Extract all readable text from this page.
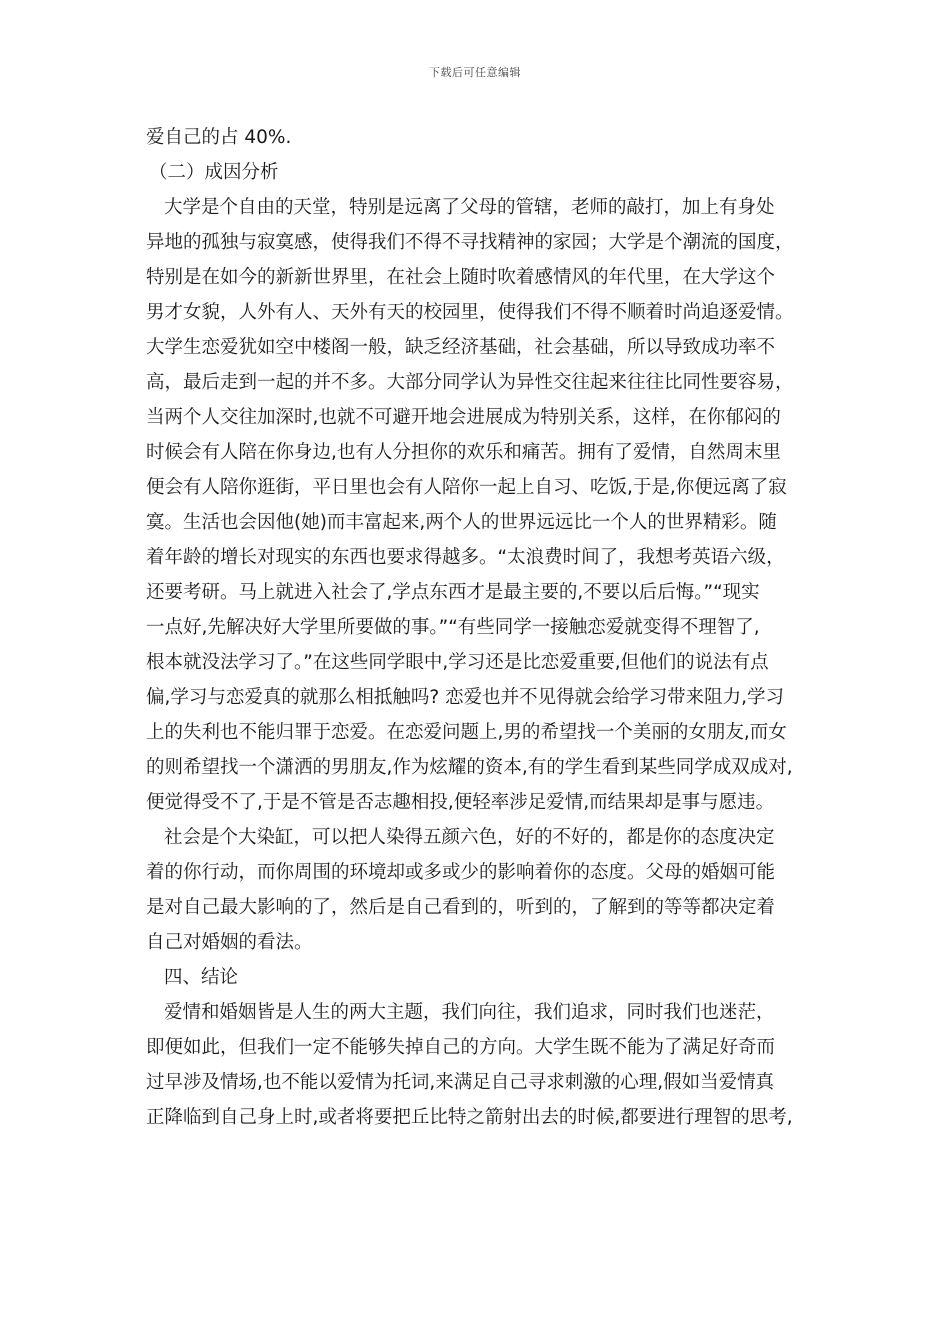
下载后可任意编辑

爱自己的占 40%.

（二）成因分析

大学是个自由的天堂，特别是远离了父母的管辖，老师的敲打，加上有身处

异地的孤独与寂寞感，使得我们不得不寻找精神的家园；大学是个潮流的国度，

特别是在如今的新新世界里，在社会上随时吹着感情风的年代里，在大学这个

男才女貌，人外有人、天外有天的校园里，使得我们不得不顺着时尚追逐爱情。

大学生恋爱犹如空中楼阁一般，缺乏经济基础，社会基础，所以导致成功率不

高，最后走到一起的并不多。大部分同学认为异性交往起来往往比同性要容易，

当两个人交往加深时,也就不可避开地会进展成为特别关系，这样，在你郁闷的

时候会有人陪在你身边,也有人分担你的欢乐和痛苦。拥有了爱情，自然周末里

便会有人陪你逛街，平日里也会有人陪你一起上自习、吃饭,于是,你便远离了寂

寞。生活也会因他(她)而丰富起来,两个人的世界远远比一个人的世界精彩。随

着年龄的增长对现实的东西也要求得越多。“太浪费时间了，我想考英语六级，

还要考研。马上就进入社会了,学点东西才是最主要的,不要以后后悔。”“现实

一点好,先解决好大学里所要做的事。”“有些同学一接触恋爱就变得不理智了,

根本就没法学习了。”在这些同学眼中,学习还是比恋爱重要,但他们的说法有点

偏,学习与恋爱真的就那么相抵触吗? 恋爱也并不见得就会给学习带来阻力,学习

上的失利也不能归罪于恋爱。在恋爱问题上,男的希望找一个美丽的女朋友,而女

的则希望找一个潇洒的男朋友,作为炫耀的资本,有的学生看到某些同学成双成对,

便觉得受不了,于是不管是否志趣相投,便轻率涉足爱情,而结果却是事与愿违。

社会是个大染缸，可以把人染得五颜六色，好的不好的，都是你的态度决定

着的你行动，而你周围的环境却或多或少的影响着你的态度。父母的婚姻可能

是对自己最大影响的了，然后是自己看到的，听到的，了解到的等等都决定着

自己对婚姻的看法。

四、结论

爱情和婚姻皆是人生的两大主题，我们向往，我们追求，同时我们也迷茫，

即便如此，但我们一定不能够失掉自己的方向。大学生既不能为了满足好奇而

过早涉及情场,也不能以爱情为托词,来满足自己寻求刺激的心理,假如当爱情真

正降临到自己身上时,或者将要把丘比特之箭射出去的时候,都要进行理智的思考,
